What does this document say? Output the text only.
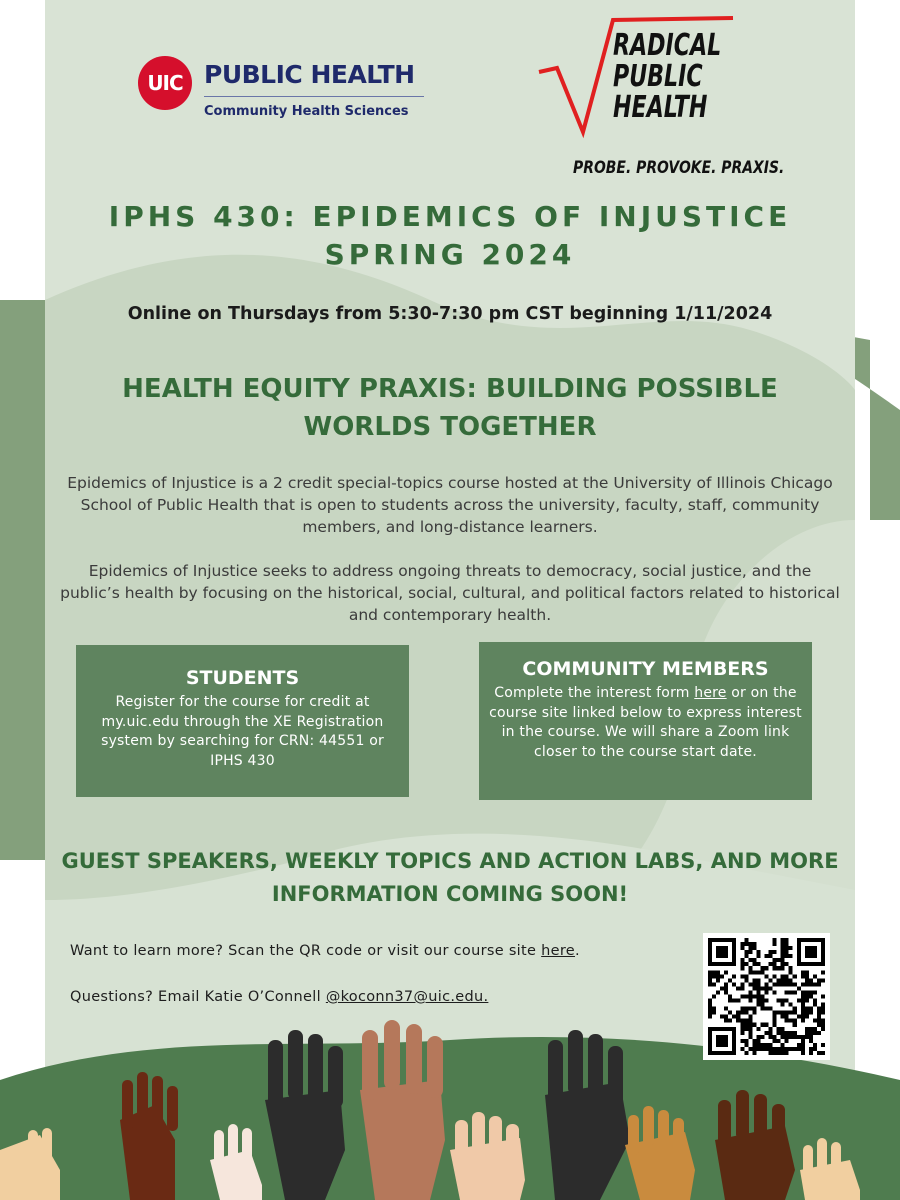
UIC PUBLIC HEALTH
Community Health Sciences
RADICAL
PUBLIC
HEALTH
PROBE. PROVOKE. PRAXIS.
IPHS 430: EPIDEMICS OF INJUSTICE
SPRING 2024
Online on Thursdays from 5:30-7:30 pm CST beginning 1/11/2024
HEALTH EQUITY PRAXIS: BUILDING POSSIBLE WORLDS TOGETHER
Epidemics of Injustice is a 2 credit special-topics course hosted at the University of Illinois Chicago School of Public Health that is open to students across the university, faculty, staff, community members, and long-distance learners.
Epidemics of Injustice seeks to address ongoing threats to democracy, social justice, and the public’s health by focusing on the historical, social, cultural, and political factors related to historical and contemporary health.
STUDENTS
Register for the course for credit at my.uic.edu through the XE Registration system by searching for CRN: 44551 or IPHS 430
COMMUNITY MEMBERS
Complete the interest form here or on the course site linked below to express interest in the course. We will share a Zoom link closer to the course start date.
GUEST SPEAKERS, WEEKLY TOPICS AND ACTION LABS, AND MORE INFORMATION COMING SOON!
Want to learn more? Scan the QR code or visit our course site here.
Questions? Email Katie O’Connell @koconn37@uic.edu.
